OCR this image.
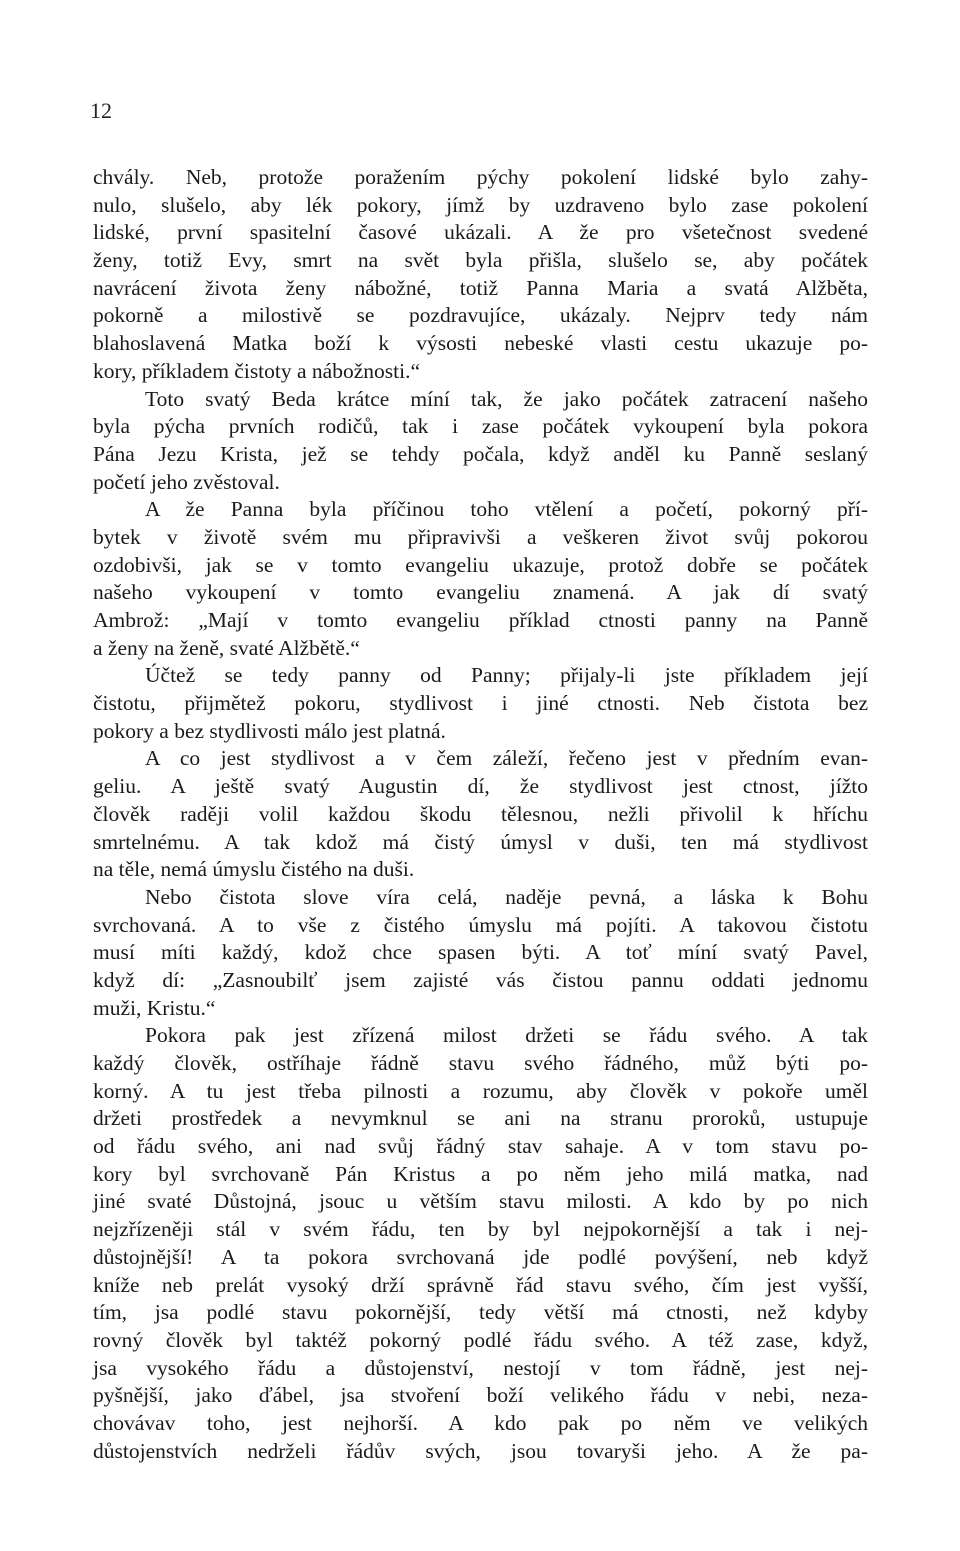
12
chvály. Neb, protože poražením pýchy pokolení lidské bylo zahy-
nulo, slušelo, aby lék pokory, jímž by uzdraveno bylo zase pokolení
lidské, první spasitelní časové ukázali. A že pro všetečnost svedené
ženy, totiž Evy, smrt na svět byla přišla, slušelo se, aby počátek
navrácení života ženy nábožné, totiž Panna Maria a svatá Alžběta,
pokorně a milostivě se pozdravujíce, ukázaly. Nejprv tedy nám
blahoslavená Matka boží k výsosti nebeské vlasti cestu ukazuje po-
kory, příkladem čistoty a nábožnosti.“
Toto svatý Beda krátce míní tak, že jako počátek zatracení našeho
byla pýcha prvních rodičů, tak i zase počátek vykoupení byla pokora
Pána Jezu Krista, jež se tehdy počala, když anděl ku Panně seslaný
početí jeho zvěstoval.
A že Panna byla příčinou toho vtělení a početí, pokorný pří-
bytek v životě svém mu připravivši a veškeren život svůj pokorou
ozdobivši, jak se v tomto evangeliu ukazuje, protož dobře se počátek
našeho vykoupení v tomto evangeliu znamená. A jak dí svatý
Ambrož: „Mají v tomto evangeliu příklad ctnosti panny na Panně
a ženy na ženě, svaté Alžbětě.“
Účtež se tedy panny od Panny; přijaly-li jste příkladem její
čistotu, přijmětež pokoru, stydlivost i jiné ctnosti. Neb čistota bez
pokory a bez stydlivosti málo jest platná.
A co jest stydlivost a v čem záleží, řečeno jest v předním evan-
geliu. A ještě svatý Augustin dí, že stydlivost jest ctnost, jížto
člověk raději volil každou škodu tělesnou, nežli přivolil k hříchu
smrtelnému. A tak kdož má čistý úmysl v duši, ten má stydlivost
na těle, nemá úmyslu čistého na duši.
Nebo čistota slove víra celá, naděje pevná, a láska k Bohu
svrchovaná. A to vše z čistého úmyslu má pojíti. A takovou čistotu
musí míti každý, kdož chce spasen býti. A toť míní svatý Pavel,
když dí: „Zasnoubilť jsem zajisté vás čistou pannu oddati jednomu
muži, Kristu.“
Pokora pak jest zřízená milost držeti se řádu svého. A tak
každý člověk, ostříhaje řádně stavu svého řádného, můž býti po-
korný. A tu jest třeba pilnosti a rozumu, aby člověk v pokoře uměl
držeti prostředek a nevymknul se ani na stranu proroků, ustupuje
od řádu svého, ani nad svůj řádný stav sahaje. A v tom stavu po-
kory byl svrchovaně Pán Kristus a po něm jeho milá matka, nad
jiné svaté Důstojná, jsouc u větším stavu milosti. A kdo by po nich
nejzřízeněji stál v svém řádu, ten by byl nejpokornější a tak i nej-
důstojnější! A ta pokora svrchovaná jde podlé povýšení, neb když
kníže neb prelát vysoký drží správně řád stavu svého, čím jest vyšší,
tím, jsa podlé stavu pokornější, tedy větší má ctnosti, než kdyby
rovný člověk byl taktéž pokorný podlé řádu svého. A též zase, když,
jsa vysokého řádu a důstojenství, nestojí v tom řádně, jest nej-
pyšnější, jako ďábel, jsa stvoření boží velikého řádu v nebi, neza-
chovávav toho, jest nejhorší. A kdo pak po něm ve velikých
důstojenstvích nedrželi řádův svých, jsou tovaryši jeho. A že pa-
